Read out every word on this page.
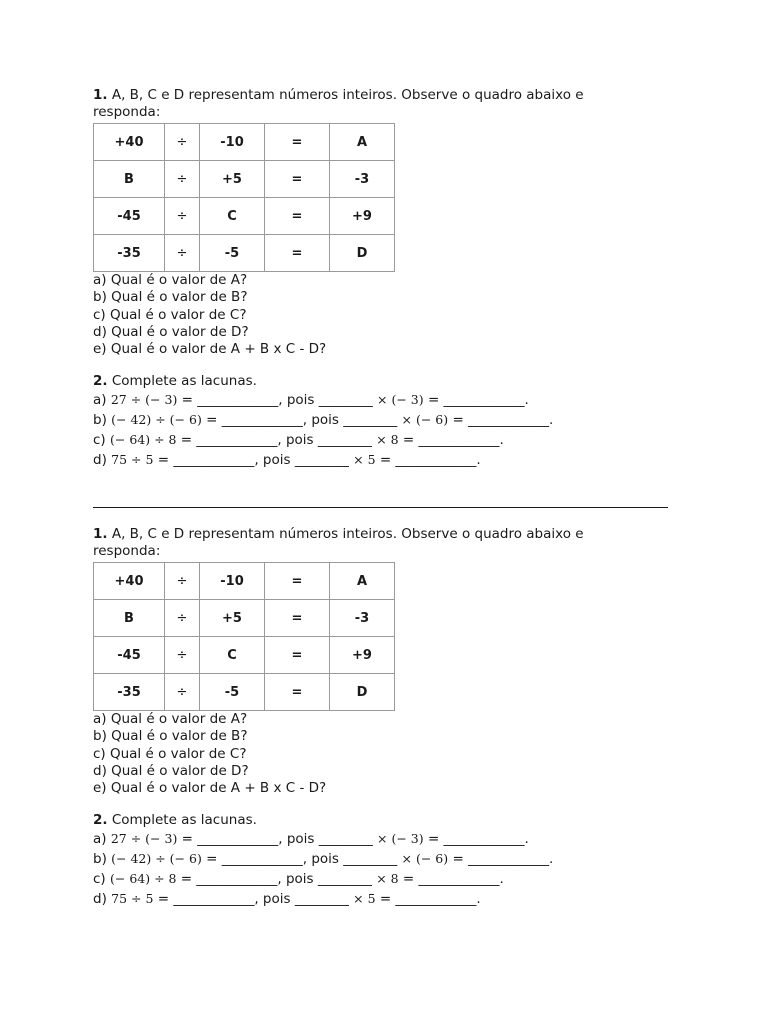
1. A, B, C e D representam números inteiros. Observe o quadro abaixo e
responda:

+40	÷	-10	=	A
B	÷	+5	=	-3
-45	÷	C	=	+9
-35	÷	-5	=	D

a) Qual é o valor de A?

b) Qual é o valor de B?

c) Qual é o valor de C?

d) Qual é o valor de D?

e) Qual é o valor de A + B x C - D?

2. Complete as lacunas.

a) 27 ÷ (− 3) = ____________, pois ________ × (− 3) = ____________.

b) (− 42) ÷ (− 6) = ____________, pois ________ × (− 6) = ____________.

c) (− 64) ÷ 8 = ____________, pois ________ × 8 = ____________.

d) 75 ÷ 5 = ____________, pois ________ × 5 = ____________.

1. A, B, C e D representam números inteiros. Observe o quadro abaixo e
responda:

+40	÷	-10	=	A
B	÷	+5	=	-3
-45	÷	C	=	+9
-35	÷	-5	=	D

a) Qual é o valor de A?

b) Qual é o valor de B?

c) Qual é o valor de C?

d) Qual é o valor de D?

e) Qual é o valor de A + B x C - D?

2. Complete as lacunas.

a) 27 ÷ (− 3) = ____________, pois ________ × (− 3) = ____________.

b) (− 42) ÷ (− 6) = ____________, pois ________ × (− 6) = ____________.

c) (− 64) ÷ 8 = ____________, pois ________ × 8 = ____________.

d) 75 ÷ 5 = ____________, pois ________ × 5 = ____________.
